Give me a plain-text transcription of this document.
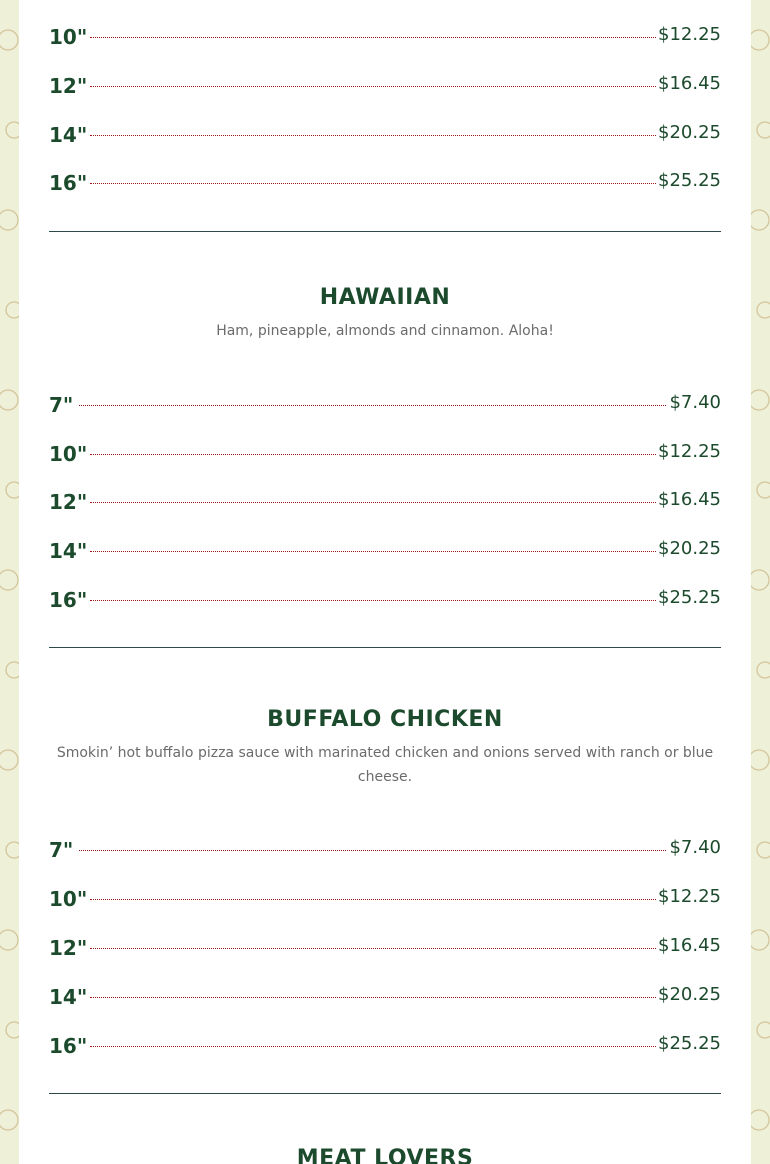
10"	$12.25
12"	$16.45
14"	$20.25
16"	$25.25
HAWAIIAN
Ham, pineapple, almonds and cinnamon. Aloha!
7"	$7.40
10"	$12.25
12"	$16.45
14"	$20.25
16"	$25.25
BUFFALO CHICKEN
Smokin’ hot buffalo pizza sauce with marinated chicken and onions served with ranch or blue cheese.
7"	$7.40
10"	$12.25
12"	$16.45
14"	$20.25
16"	$25.25
MEAT LOVERS
